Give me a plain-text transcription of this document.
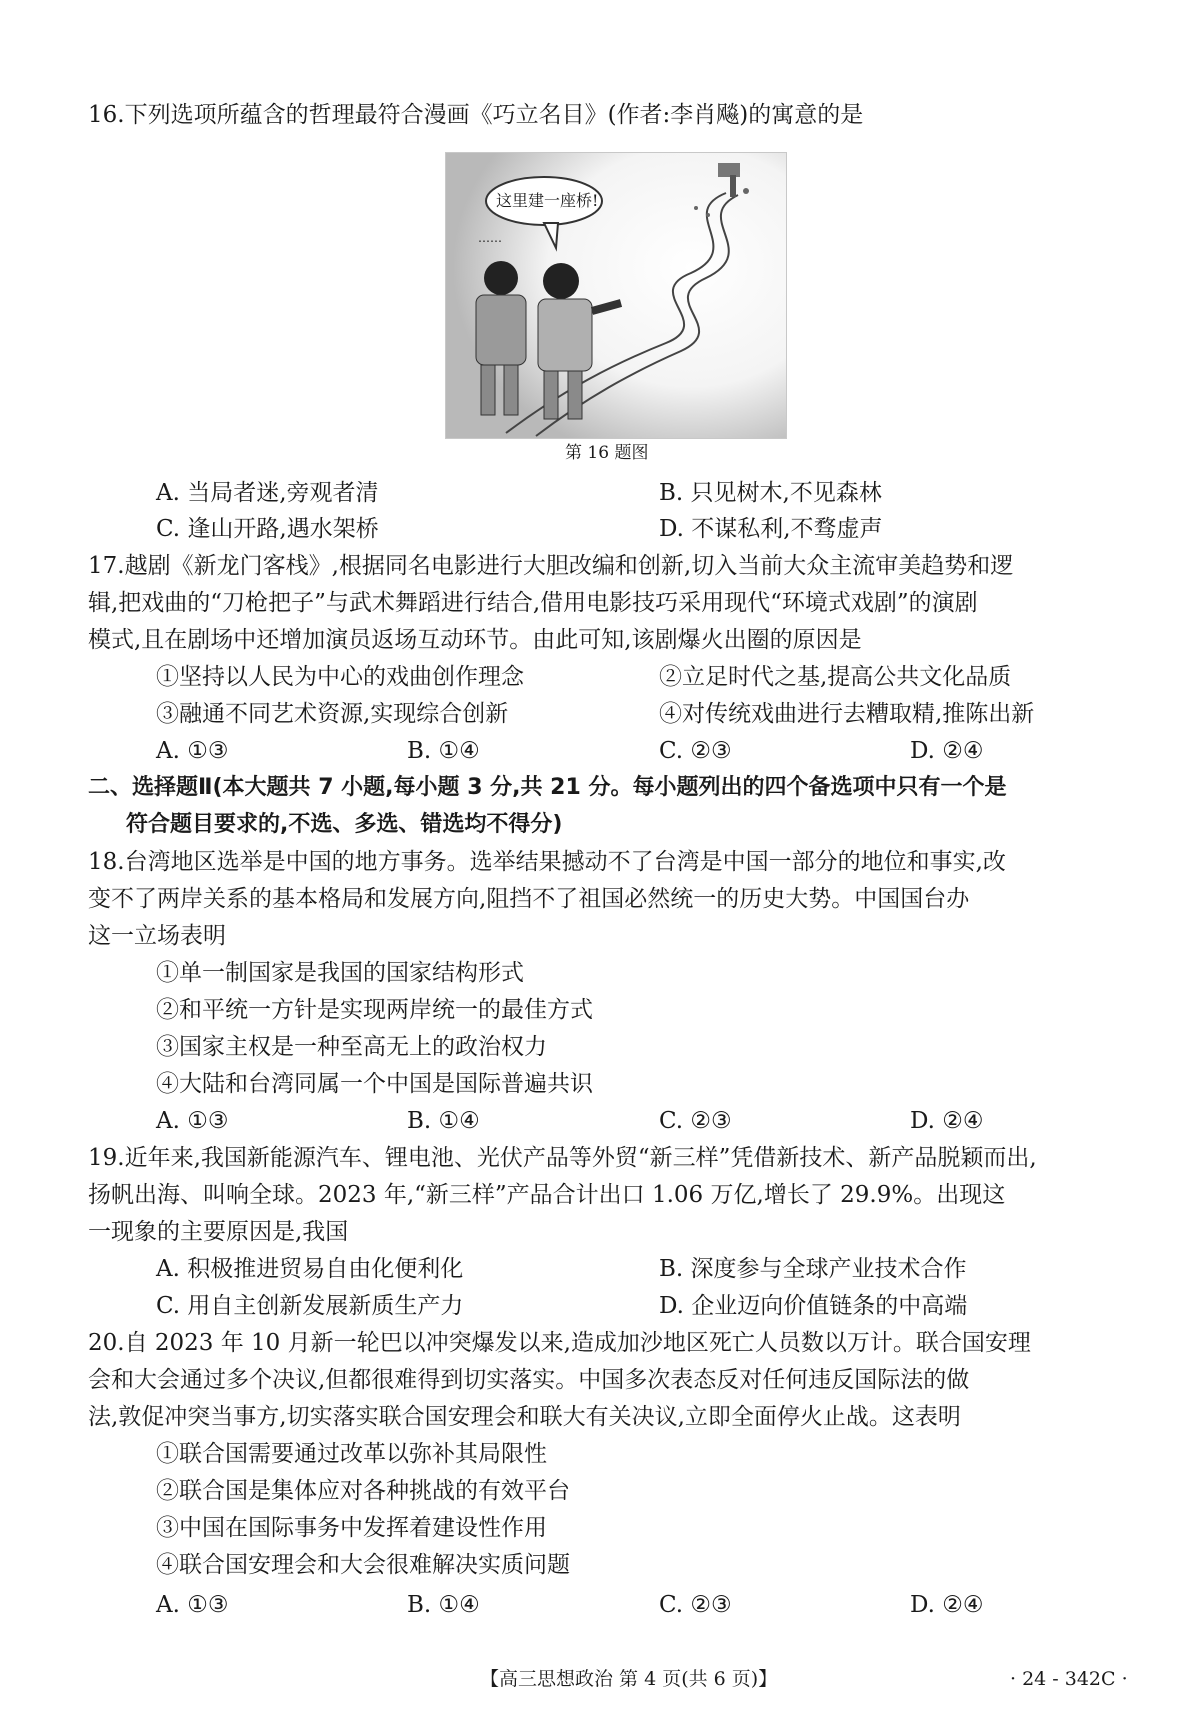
16.下列选项所蕴含的哲理最符合漫画《巧立名目》(作者:李肖飚)的寓意的是
这里建一座桥!
……
第 16 题图
A. 当局者迷,旁观者清	B. 只见树木,不见森林
C. 逢山开路,遇水架桥	D. 不谋私利,不骛虚声
17.越剧《新龙门客栈》,根据同名电影进行大胆改编和创新,切入当前大众主流审美趋势和逻
辑,把戏曲的“刀枪把子”与武术舞蹈进行结合,借用电影技巧采用现代“环境式戏剧”的演剧
模式,且在剧场中还增加演员返场互动环节。由此可知,该剧爆火出圈的原因是
①坚持以人民为中心的戏曲创作理念	②立足时代之基,提高公共文化品质
③融通不同艺术资源,实现综合创新	④对传统戏曲进行去糟取精,推陈出新
A. ①③	B. ①④	C. ②③	D. ②④
二、选择题Ⅱ(本大题共 7 小题,每小题 3 分,共 21 分。每小题列出的四个备选项中只有一个是
符合题目要求的,不选、多选、错选均不得分)
18.台湾地区选举是中国的地方事务。选举结果撼动不了台湾是中国一部分的地位和事实,改
变不了两岸关系的基本格局和发展方向,阻挡不了祖国必然统一的历史大势。中国国台办
这一立场表明
①单一制国家是我国的国家结构形式
②和平统一方针是实现两岸统一的最佳方式
③国家主权是一种至高无上的政治权力
④大陆和台湾同属一个中国是国际普遍共识
A. ①③	B. ①④	C. ②③	D. ②④
19.近年来,我国新能源汽车、锂电池、光伏产品等外贸“新三样”凭借新技术、新产品脱颖而出,
扬帆出海、叫响全球。2023 年,“新三样”产品合计出口 1.06 万亿,增长了 29.9%。出现这
一现象的主要原因是,我国
A. 积极推进贸易自由化便利化	B. 深度参与全球产业技术合作
C. 用自主创新发展新质生产力	D. 企业迈向价值链条的中高端
20.自 2023 年 10 月新一轮巴以冲突爆发以来,造成加沙地区死亡人员数以万计。联合国安理
会和大会通过多个决议,但都很难得到切实落实。中国多次表态反对任何违反国际法的做
法,敦促冲突当事方,切实落实联合国安理会和联大有关决议,立即全面停火止战。这表明
①联合国需要通过改革以弥补其局限性
②联合国是集体应对各种挑战的有效平台
③中国在国际事务中发挥着建设性作用
④联合国安理会和大会很难解决实质问题
A. ①③	B. ①④	C. ②③	D. ②④
【高三思想政治 第 4 页(共 6 页)】	· 24 - 342C ·
